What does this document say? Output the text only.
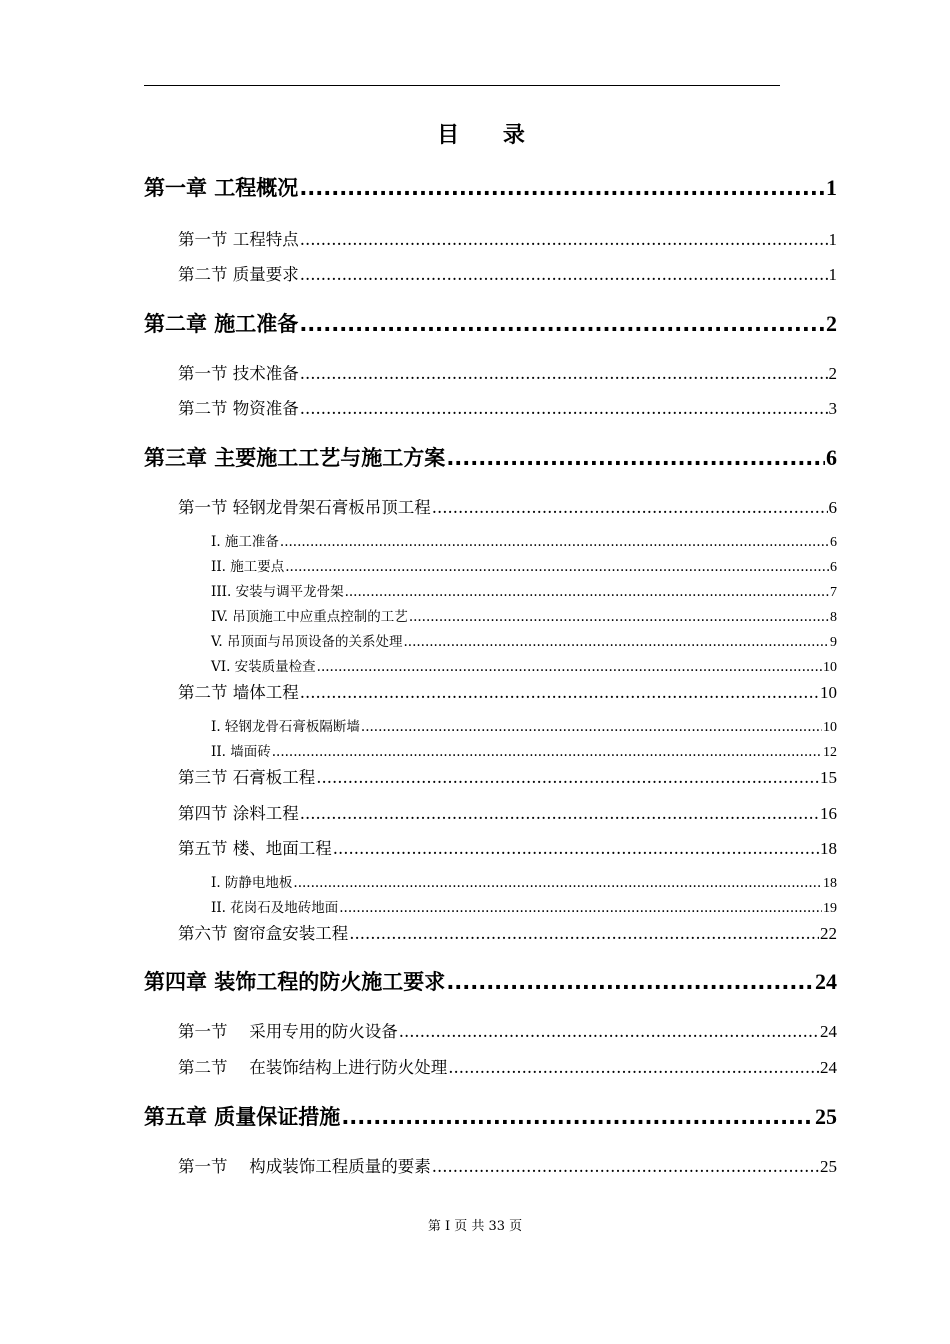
目 录
第一章 工程概况 .....	1
第一节 工程特点 .....	1
第二节 质量要求 .....	1
第二章 施工准备 .....	2
第一节 技术准备 .....	2
第二节 物资准备 .....	3
第三章 主要施工工艺与施工方案 .....	6
第一节 轻钢龙骨架石膏板吊顶工程 .....	6
I. 施工准备 .....	6
II. 施工要点 .....	6
III. 安装与调平龙骨架 .....	7
IV. 吊顶施工中应重点控制的工艺 .....	8
V. 吊顶面与吊顶设备的关系处理 .....	9
VI. 安装质量检查 .....	10
第二节 墙体工程 .....	10
I. 轻钢龙骨石膏板隔断墙 .....	10
II. 墙面砖 .....	12
第三节 石膏板工程 .....	15
第四节 涂料工程 .....	16
第五节 楼、地面工程 .....	18
I. 防静电地板 .....	18
II. 花岗石及地砖地面 .....	19
第六节 窗帘盒安装工程 .....	22
第四章 装饰工程的防火施工要求 .....	24
第一节　 采用专用的防火设备 .....	24
第二节　 在装饰结构上进行防火处理 .....	24
第五章 质量保证措施 .....	25
第一节　 构成装饰工程质量的要素 .....	25
第 I 页 共 33 页
